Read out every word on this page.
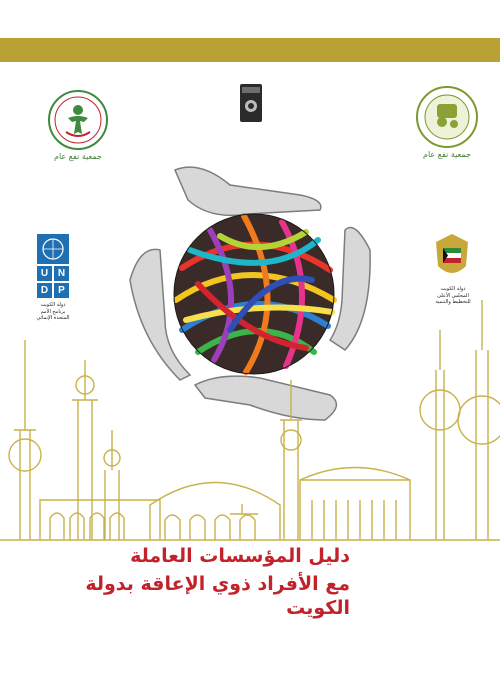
جمعية نفع عام	جمعية نفع عام
U N
D	P
دولة الكويت
برنامج الأمم
المتحدة الإنمائي
دولة الكويت
المجلس الأعلى
للتخطيط والتنمية
دليل المؤسسات العاملة
مع الأفراد ذوي الإعاقة بدولة الكويت
